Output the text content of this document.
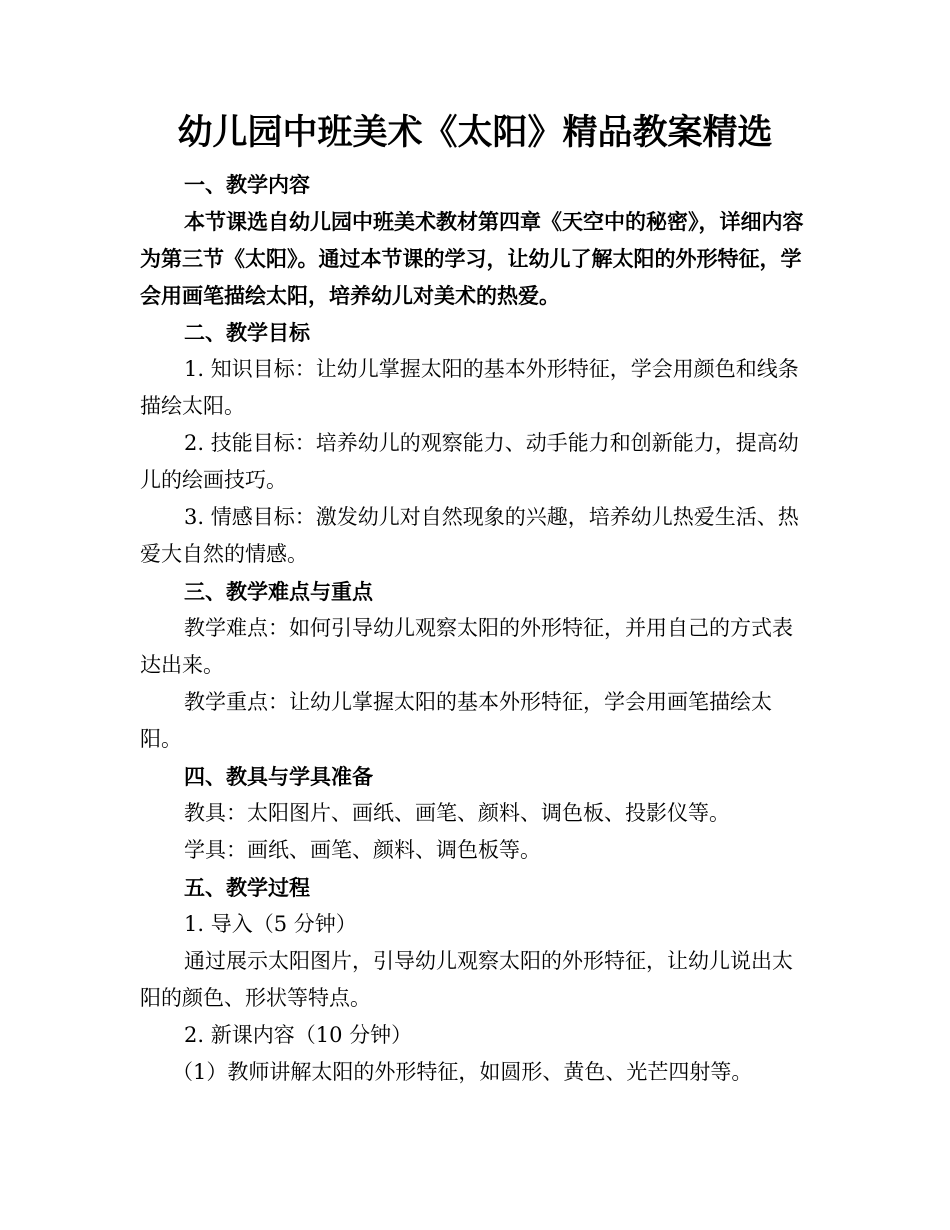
幼儿园中班美术《太阳》精品教案精选

一、教学内容

本节课选自幼儿园中班美术教材第四章《天空中的秘密》，详细内容为第三节《太阳》。通过本节课的学习，让幼儿了解太阳的外形特征，学会用画笔描绘太阳，培养幼儿对美术的热爱。

二、教学目标

1. 知识目标：让幼儿掌握太阳的基本外形特征，学会用颜色和线条描绘太阳。

2. 技能目标：培养幼儿的观察能力、动手能力和创新能力，提高幼儿的绘画技巧。

3. 情感目标：激发幼儿对自然现象的兴趣，培养幼儿热爱生活、热爱大自然的情感。

三、教学难点与重点

教学难点：如何引导幼儿观察太阳的外形特征，并用自己的方式表达出来。

教学重点：让幼儿掌握太阳的基本外形特征，学会用画笔描绘太阳。

四、教具与学具准备

教具：太阳图片、画纸、画笔、颜料、调色板、投影仪等。

学具：画纸、画笔、颜料、调色板等。

五、教学过程

1. 导入（5 分钟）

通过展示太阳图片，引导幼儿观察太阳的外形特征，让幼儿说出太阳的颜色、形状等特点。

2. 新课内容（10 分钟）

（1）教师讲解太阳的外形特征，如圆形、黄色、光芒四射等。
